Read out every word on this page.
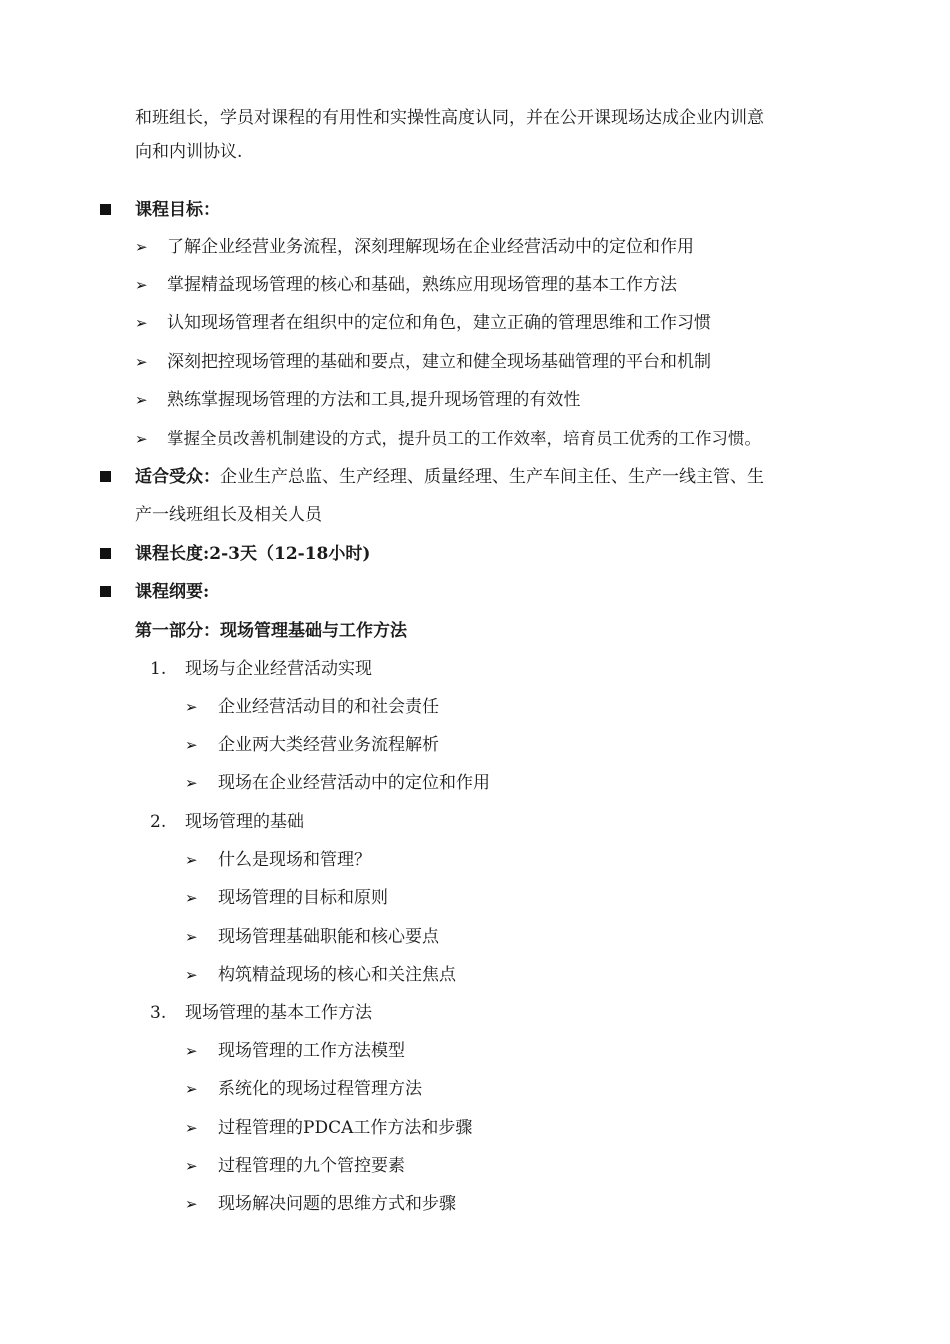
和班组长，学员对课程的有用性和实操性高度认同，并在公开课现场达成企业内训意
向和内训协议.
课程目标：
➢ 了解企业经营业务流程，深刻理解现场在企业经营活动中的定位和作用
➢ 掌握精益现场管理的核心和基础，熟练应用现场管理的基本工作方法
➢ 认知现场管理者在组织中的定位和角色，建立正确的管理思维和工作习惯
➢ 深刻把控现场管理的基础和要点，建立和健全现场基础管理的平台和机制
➢ 熟练掌握现场管理的方法和工具,提升现场管理的有效性
➢ 掌握全员改善机制建设的方式，提升员工的工作效率，培育员工优秀的工作习惯。
适合受众：企业生产总监、生产经理、质量经理、生产车间主任、生产一线主管、生
产一线班组长及相关人员
课程长度:2-3天（12-18小时)
课程纲要:
第一部分：现场管理基础与工作方法
1. 现场与企业经营活动实现
➢ 企业经营活动目的和社会责任
➢ 企业两大类经营业务流程解析
➢ 现场在企业经营活动中的定位和作用
2. 现场管理的基础
➢ 什么是现场和管理？
➢ 现场管理的目标和原则
➢ 现场管理基础职能和核心要点
➢ 构筑精益现场的核心和关注焦点
3. 现场管理的基本工作方法
➢ 现场管理的工作方法模型
➢ 系统化的现场过程管理方法
➢ 过程管理的PDCA工作方法和步骤
➢ 过程管理的九个管控要素
➢ 现场解决问题的思维方式和步骤
